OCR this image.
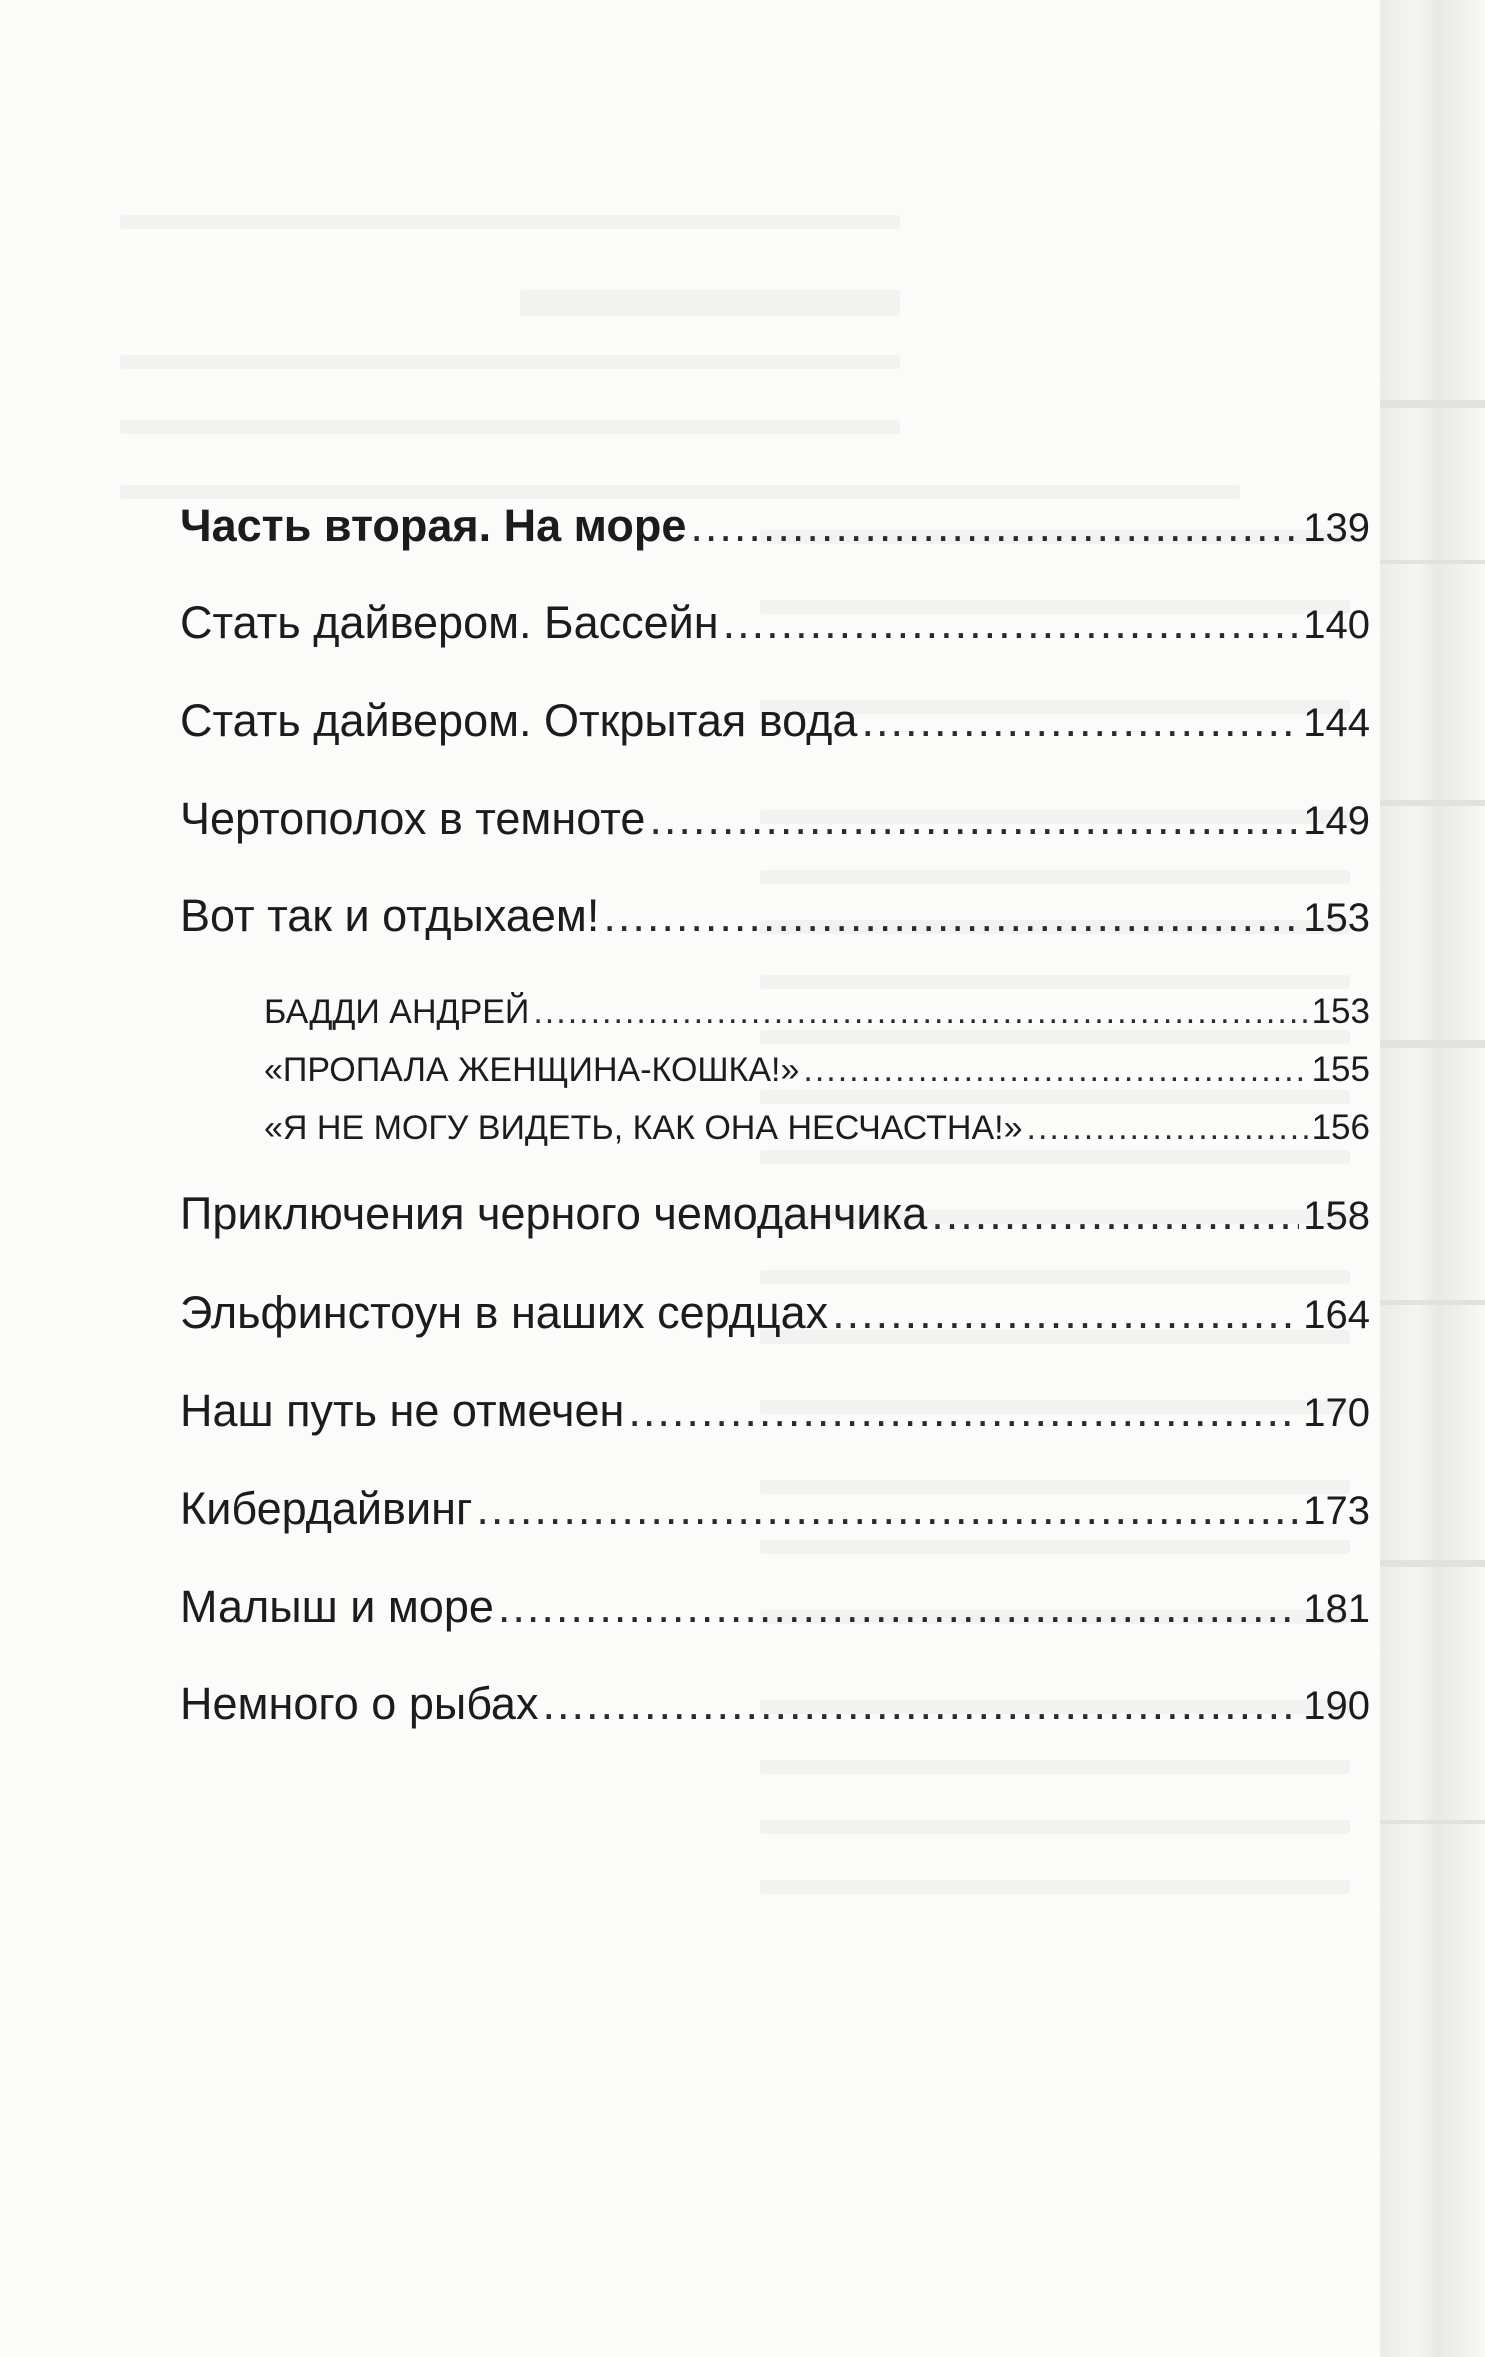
Часть вторая. На море .....	139
Стать дайвером. Бассейн .....	140
Стать дайвером. Открытая вода .....	144
Чертополох в темноте .....	149
Вот так и отдыхаем! .....	153
БАДДИ АНДРЕЙ .....	153
«ПРОПАЛА ЖЕНЩИНА-КОШКА!» .....	155
«Я НЕ МОГУ ВИДЕТЬ, КАК ОНА НЕСЧАСТНА!» .....	156
Приключения черного чемоданчика .....	158
Эльфинстоун в наших сердцах .....	164
Наш путь не отмечен .....	170
Кибердайвинг .....	173
Малыш и море .....	181
Немного о рыбах .....	190
